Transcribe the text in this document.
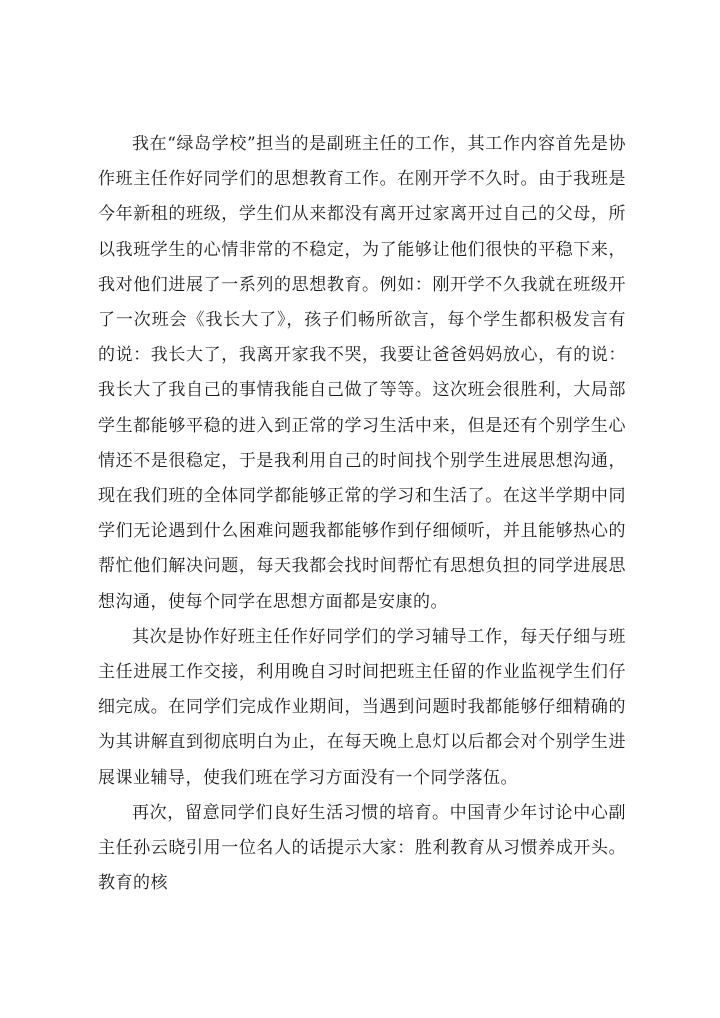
我在“绿岛学校”担当的是副班主任的工作，其工作内容首先是协作班主任作好同学们的思想教育工作。在刚开学不久时。由于我班是今年新租的班级，学生们从来都没有离开过家离开过自己的父母，所以我班学生的心情非常的不稳定，为了能够让他们很快的平稳下来，我对他们进展了一系列的思想教育。例如：刚开学不久我就在班级开了一次班会《我长大了》，孩子们畅所欲言，每个学生都积极发言有的说：我长大了，我离开家我不哭，我要让爸爸妈妈放心，有的说：我长大了我自己的事情我能自己做了等等。这次班会很胜利，大局部学生都能够平稳的进入到正常的学习生活中来，但是还有个别学生心情还不是很稳定，于是我利用自己的时间找个别学生进展思想沟通，现在我们班的全体同学都能够正常的学习和生活了。在这半学期中同学们无论遇到什么困难问题我都能够作到仔细倾听，并且能够热心的帮忙他们解决问题，每天我都会找时间帮忙有思想负担的同学进展思想沟通，使每个同学在思想方面都是安康的。

其次是协作好班主任作好同学们的学习辅导工作，每天仔细与班主任进展工作交接，利用晚自习时间把班主任留的作业监视学生们仔细完成。在同学们完成作业期间，当遇到问题时我都能够仔细精确的为其讲解直到彻底明白为止，在每天晚上息灯以后都会对个别学生进展课业辅导，使我们班在学习方面没有一个同学落伍。

再次，留意同学们良好生活习惯的培育。中国青少年讨论中心副主任孙云晓引用一位名人的话提示大家：胜利教育从习惯养成开头。教育的核
